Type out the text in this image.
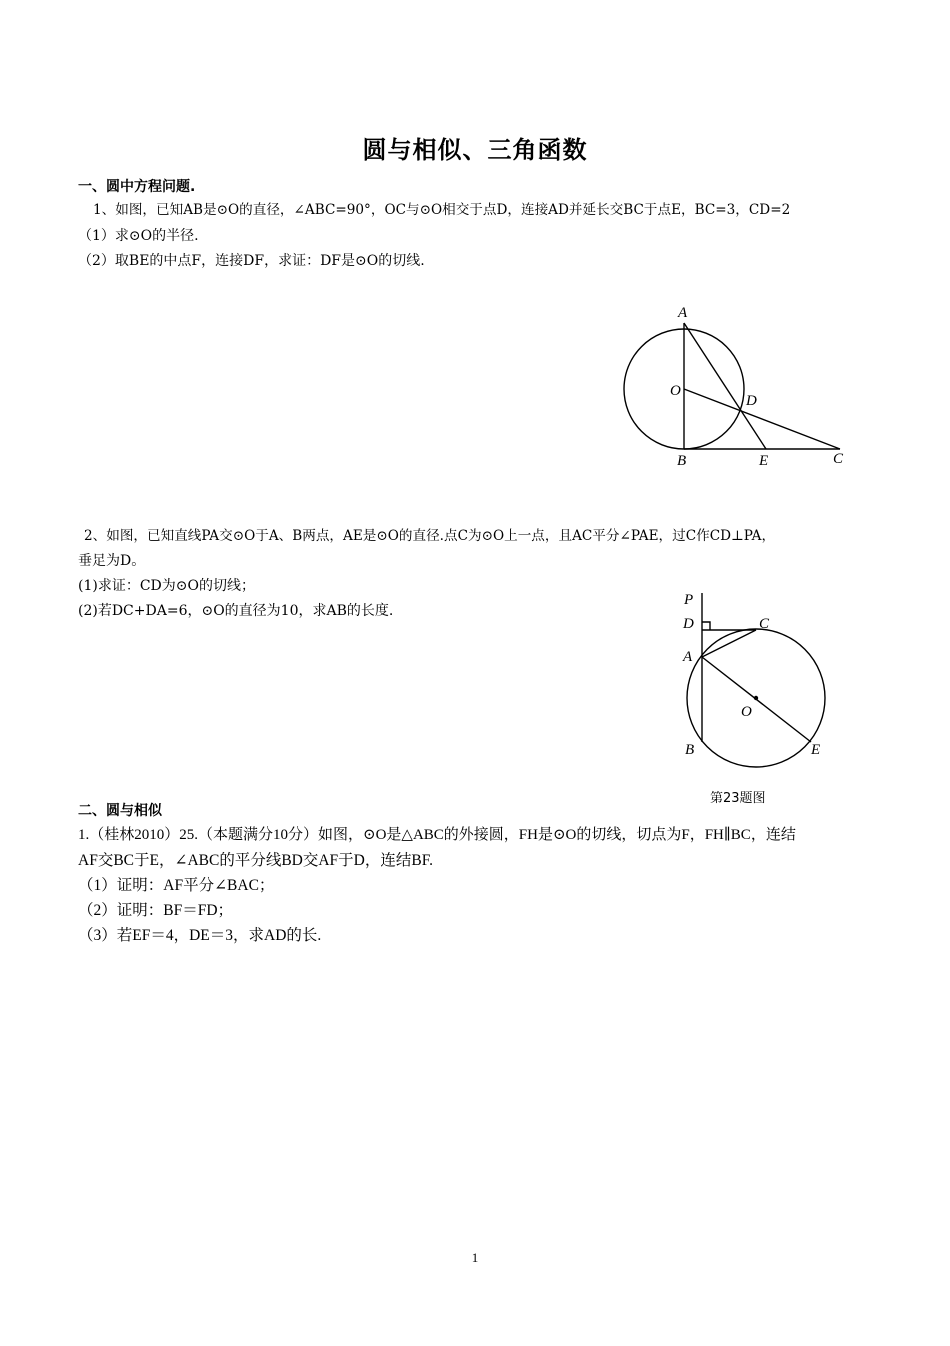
圆与相似、三角函数
一、圆中方程问题.
1、如图，已知AB是⊙O的直径，∠ABC=90°，OC与⊙O相交于点D，连接AD并延长交BC于点E，BC=3，CD=2
（1）求⊙O的半径.
（2）取BE的中点F，连接DF，求证：DF是⊙O的切线.
A
O
D
B	E	C
2、如图，已知直线PA交⊙O于A、B两点，AE是⊙O的直径.点C为⊙O上一点，且AC平分∠PAE，过C作CD⊥PA，
垂足为D。
(1)求证：CD为⊙O的切线；
(2)若DC+DA=6，⊙O的直径为10，求AB的长度.
P
D	C
A
O
B	E
第23题图
二、圆与相似
1.（桂林2010）25.（本题满分10分）如图，⊙O是△ABC的外接圆，FH是⊙O的切线，切点为F，FH∥BC，连结
AF交BC于E，∠ABC的平分线BD交AF于D，连结BF.
（1）证明：AF平分∠BAC；
（2）证明：BF＝FD；
（3）若EF＝4，DE＝3，求AD的长.
1
